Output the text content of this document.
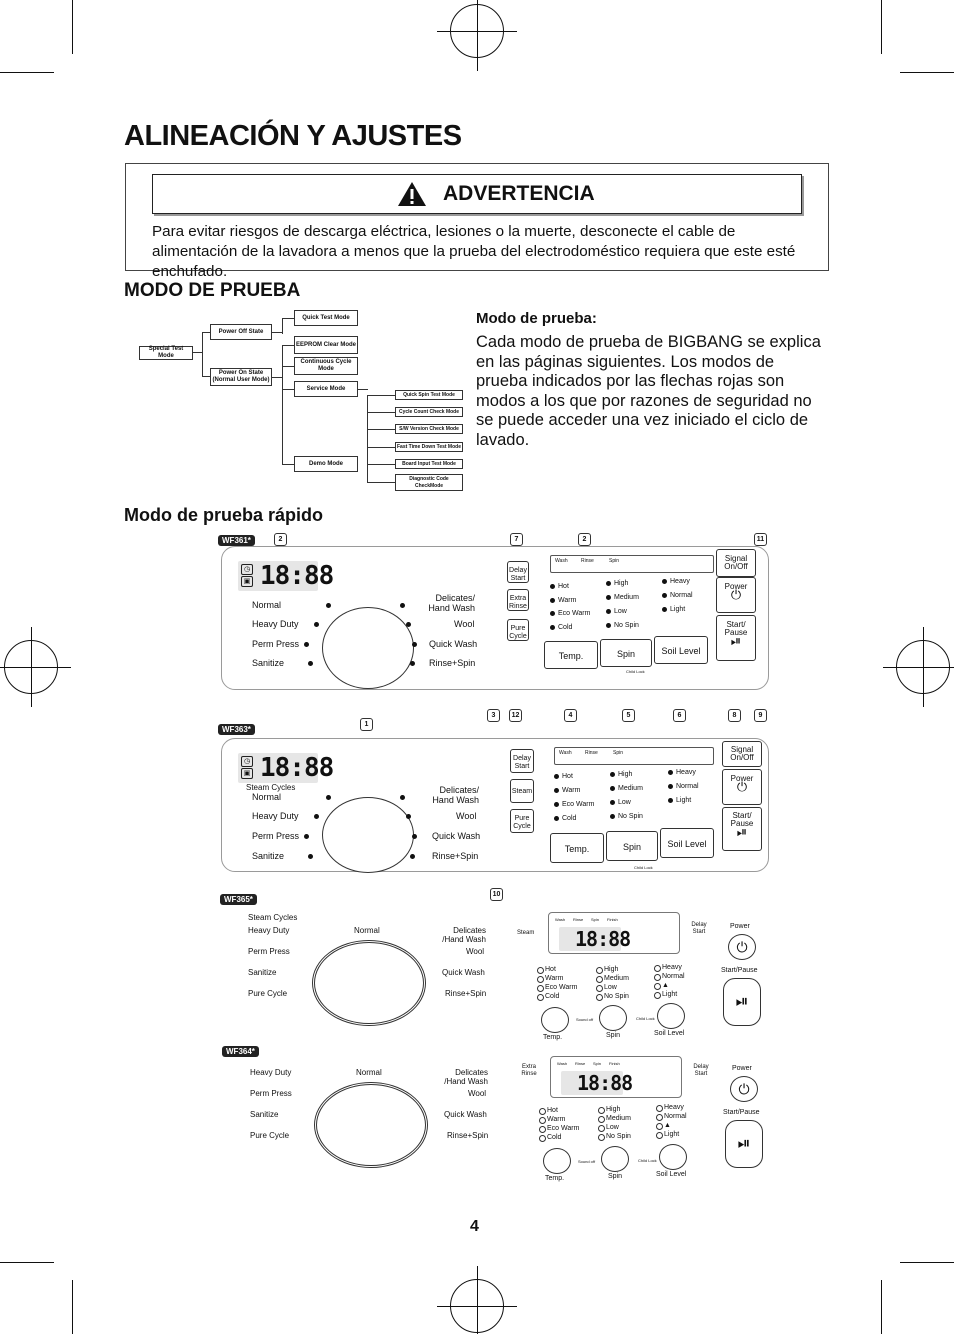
ALINEACIÓN Y AJUSTES
ADVERTENCIA

Para evitar riesgos de descarga eléctrica, lesiones o la muerte, desconecte el cable de alimentación de la lavadora a menos que la prueba del electrodoméstico requiera que este esté enchufado.

MODO DE PRUEBA
Special Test Mode
Power Off State
Power On State (Normal User Mode)
Quick Test Mode
EEPROM Clear Mode
Continuous Cycle Mode
Service Mode
Demo Mode
Quick Spin Test Mode
Cycle Count Check Mode
S/W Version Check Mode
Fast Time Down Test Mode
Board Input Test Mode
Diagnostic Code CheckMode

Modo de prueba:

Cada modo de prueba de BIGBANG se explica en las páginas siguientes. Los modos de prueba indicados por las flechas rojas son modos a los que por razones de seguridad no se puede acceder una vez iniciado el ciclo de lavado.

Modo de prueba rápido
WF361*	2	7	2	11
◷
▣ 18:88
Normal
Heavy Duty
Perm Press
Sanitize
Delicates/ Hand Wash
Wool
Quick Wash
Rinse+Spin
Delay Start
Extra Rinse
Pure Cycle
Wash	Rinse	Spin
Hot
Warm
Eco Warm
Cold
High
Medium
Low
No Spin
Heavy
Normal
Light
Temp.	Spin	Soil Level
Child Lock
Signal On/Off
Power
⏻
Start/ Pause
⏯
1
3	12	4	5	6	8	9
WF363*
◷
▣ 18:88
Steam Cycles
Normal
Heavy Duty
Perm Press
Sanitize
Delicates/ Hand Wash
Wool
Quick Wash
Rinse+Spin
Delay Start
Steam
Pure Cycle
Wash	Rinse	Spin
Hot
Warm
Eco Warm
Cold
High
Medium
Low
No Spin
Heavy
Normal
Light
Temp.	Spin	Soil Level
Child Lock
Signal On/Off
Power
⏻
Start/ Pause
⏯
10
WF365*
Steam Cycles
Heavy Duty
Perm Press
Sanitize
Pure Cycle
Normal	Delicates /Hand Wash
Wool
Quick Wash
Rinse+Spin
Steam
Wash Rinse Spin Finish
18:88
Delay Start
Hot
Warm
Eco Warm
Cold
High
Medium
Low
No Spin
Heavy
Normal
▲
Light
Temp.	Spin	Soil Level
Sound off	Child Lock
Power
⏻
Start/Pause
⏯
WF364*
Heavy Duty
Perm Press
Sanitize
Pure Cycle
Normal	Delicates /Hand Wash
Wool
Quick Wash
Rinse+Spin
Extra Rinse
Wash Rinse Spin Finish
18:88
Delay Start
Hot
Warm
Eco Warm
Cold
High
Medium
Low
No Spin
Heavy
Normal
▲
Light
Temp.	Spin	Soil Level
Sound off	Child Lock
Power
⏻
Start/Pause
⏯
4
